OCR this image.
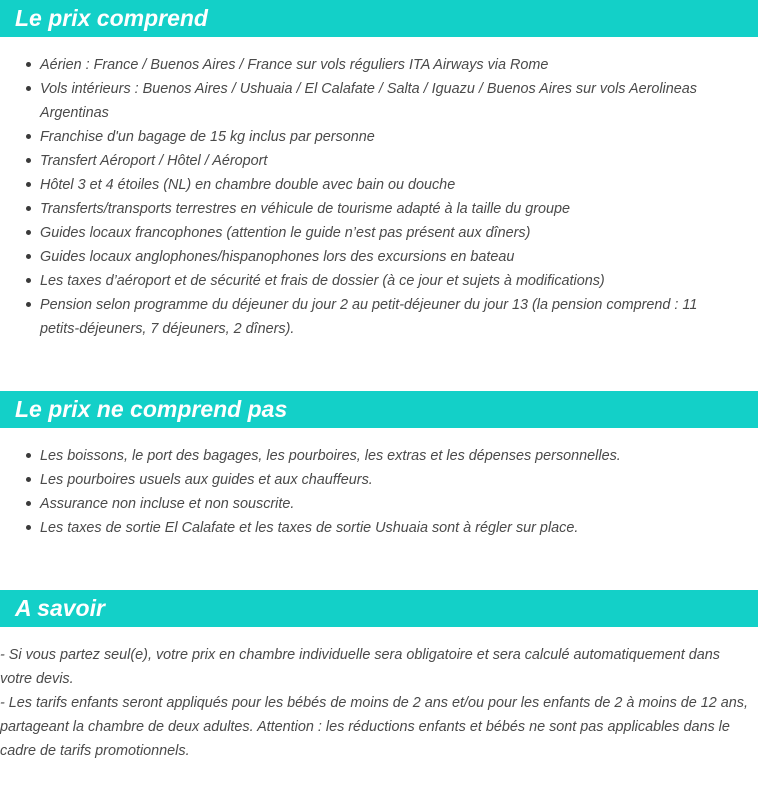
Le prix comprend
Aérien : France / Buenos Aires / France sur vols réguliers ITA Airways via Rome
Vols intérieurs : Buenos Aires / Ushuaia / El Calafate / Salta / Iguazu / Buenos Aires sur vols Aerolineas Argentinas
Franchise d'un bagage de 15 kg inclus par personne
Transfert Aéroport / Hôtel / Aéroport
Hôtel 3 et 4 étoiles (NL) en chambre double avec bain ou douche
Transferts/transports terrestres en véhicule de tourisme adapté à la taille du groupe
Guides locaux francophones (attention le guide n’est pas présent aux dîners)
Guides locaux anglophones/hispanophones lors des excursions en bateau
Les taxes d’aéroport et de sécurité et frais de dossier (à ce jour et sujets à modifications)
Pension selon programme du déjeuner du jour 2 au petit-déjeuner du jour 13 (la pension comprend : 11 petits-déjeuners, 7 déjeuners, 2 dîners).
Le prix ne comprend pas
Les boissons, le port des bagages, les pourboires, les extras et les dépenses personnelles.
Les pourboires usuels aux guides et aux chauffeurs.
Assurance non incluse et non souscrite.
Les taxes de sortie El Calafate et les taxes de sortie Ushuaia sont à régler sur place.
A savoir
- Si vous partez seul(e), votre prix en chambre individuelle sera obligatoire et sera calculé automatiquement dans votre devis.
- Les tarifs enfants seront appliqués pour les bébés de moins de 2 ans et/ou pour les enfants de 2 à moins de 12 ans, partageant la chambre de deux adultes. Attention : les réductions enfants et bébés ne sont pas applicables dans le cadre de tarifs promotionnels.
